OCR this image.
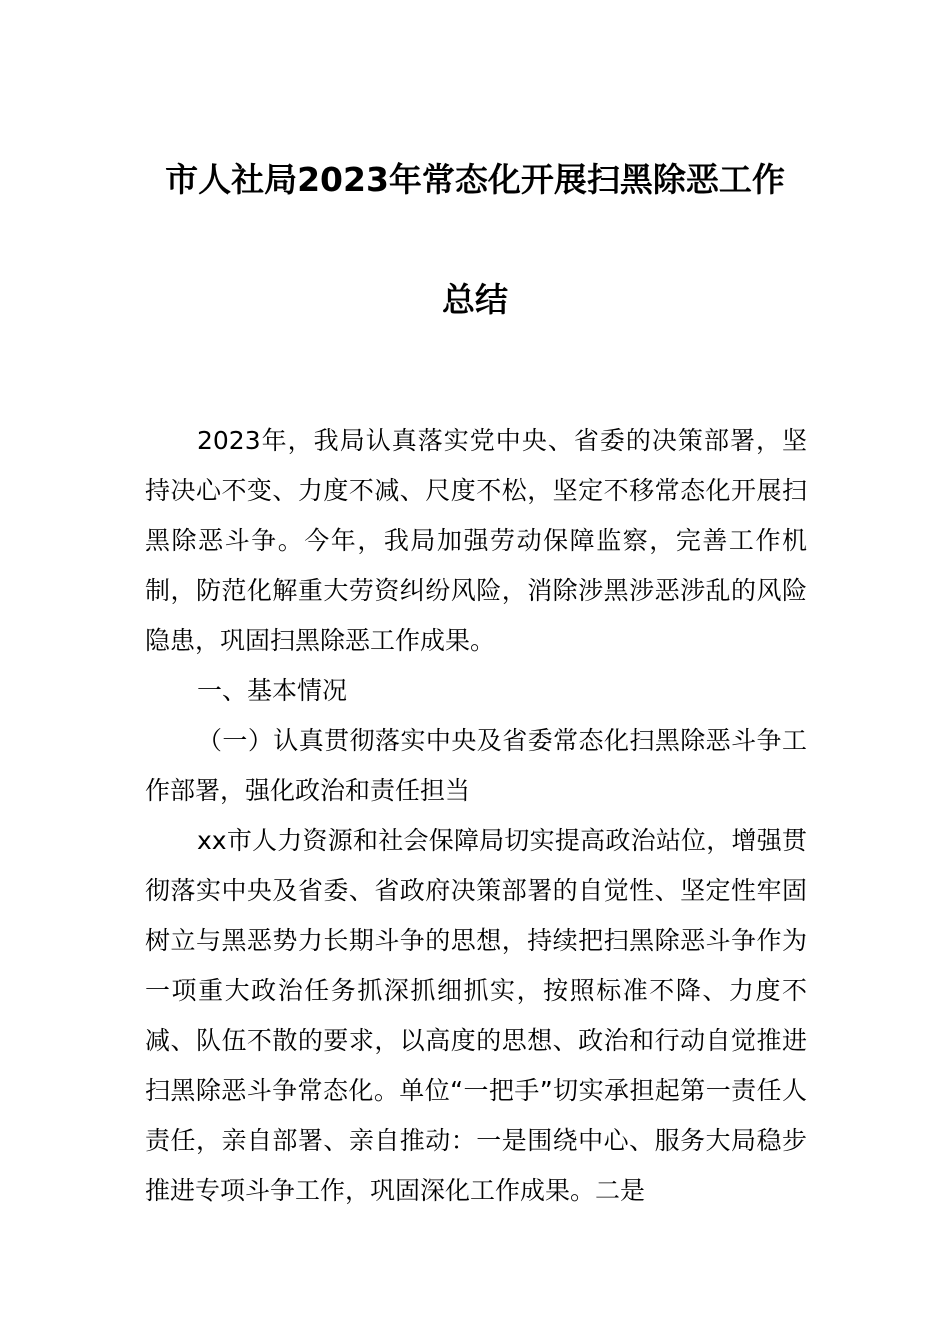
市人社局2023年常态化开展扫黑除恶工作
总结

2023年，我局认真落实党中央、省委的决策部署，坚持决心不变、力度不减、尺度不松，坚定不移常态化开展扫黑除恶斗争。今年，我局加强劳动保障监察，完善工作机制，防范化解重大劳资纠纷风险，消除涉黑涉恶涉乱的风险隐患，巩固扫黑除恶工作成果。

一、基本情况

（一）认真贯彻落实中央及省委常态化扫黑除恶斗争工作部署，强化政治和责任担当

xx市人力资源和社会保障局切实提高政治站位，增强贯彻落实中央及省委、省政府决策部署的自觉性、坚定性牢固树立与黑恶势力长期斗争的思想，持续把扫黑除恶斗争作为一项重大政治任务抓深抓细抓实，按照标准不降、力度不减、队伍不散的要求，以高度的思想、政治和行动自觉推进扫黑除恶斗争常态化。单位“一把手”切实承担起第一责任人责任，亲自部署、亲自推动：一是围绕中心、服务大局稳步推进专项斗争工作，巩固深化工作成果。二是
